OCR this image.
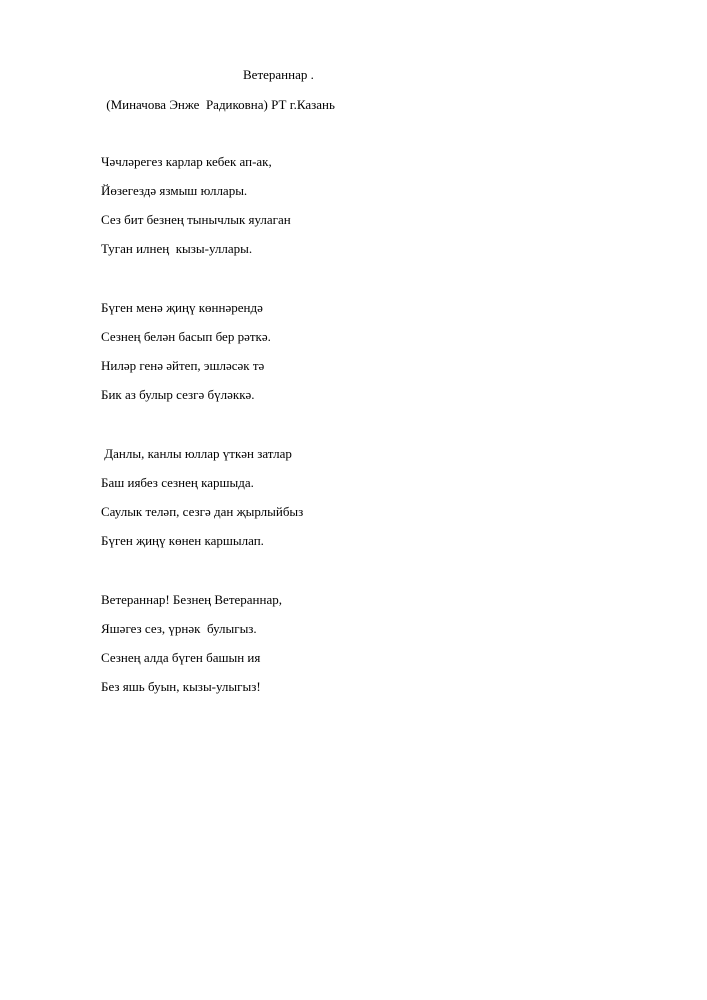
Ветераннар .
(Миначова Энже  Радиковна) РТ г.Казань
Чәчләрегез карлар кебек ап-ак,
Йөзегездә язмыш юллары.
Сез бит безнең тынычлык яулаган
Туган илнең  кызы-уллары.
Бүген менә җиңү көннәрендә
Сезнең белән басып бер рәткә.
Ниләр генә әйтеп, эшләсәк тә
Бик аз булыр сезгә бүләккә.
Данлы, канлы юллар үткән затлар
Баш иябез сезнең каршыда.
Саулык теләп, сезгә дан җырлыйбыз
Бүген җиңү көнен каршылап.
Ветераннар! Безнең Ветераннар,
Яшәгез сез, үрнәк  булыгыз.
Сезнең алда бүген башын ия
Без яшь буын, кызы-улыгыз!
